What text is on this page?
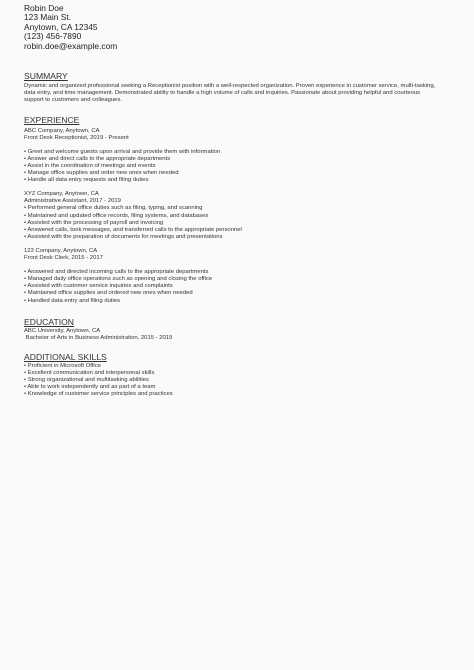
Robin Doe
123 Main St.
Anytown, CA 12345
(123) 456-7890
robin.doe@example.com
SUMMARY
Dynamic and organized professional seeking a Receptionist position with a well-respected organization. Proven experience in customer service, multi-tasking, data entry, and time management. Demonstrated ability to handle a high volume of calls and inquiries. Passionate about providing helpful and courteous support to customers and colleagues.
EXPERIENCE
ABC Company, Anytown, CA
Front Desk Receptionist, 2019 - Present
• Greet and welcome guests upon arrival and provide them with information
• Answer and direct calls to the appropriate departments
• Assist in the coordination of meetings and events
• Manage office supplies and order new ones when needed
• Handle all data entry requests and filing duties
XYZ Company, Anytown, CA
Administrative Assistant, 2017 - 2019
• Performed general office duties such as filing, typing, and scanning
• Maintained and updated office records, filing systems, and databases
• Assisted with the processing of payroll and invoicing
• Answered calls, took messages, and transferred calls to the appropriate personnel
• Assisted with the preparation of documents for meetings and presentations
123 Company, Anytown, CA
Front Desk Clerk, 2015 - 2017
• Answered and directed incoming calls to the appropriate departments
• Managed daily office operations such as opening and closing the office
• Assisted with customer service inquiries and complaints
• Maintained office supplies and ordered new ones when needed
• Handled data entry and filing duties
EDUCATION
ABC University, Anytown, CA
Bacheior of Arts in Business Administration, 2015 - 2019
ADDITIONAL SKILLS
• Proficient in Microsoft Office
• Excellent communication and interpersonal skills
• Strong organizational and multitasking abilities
• Able to work independently and as part of a team
• Knowledge of customer service principles and practices
